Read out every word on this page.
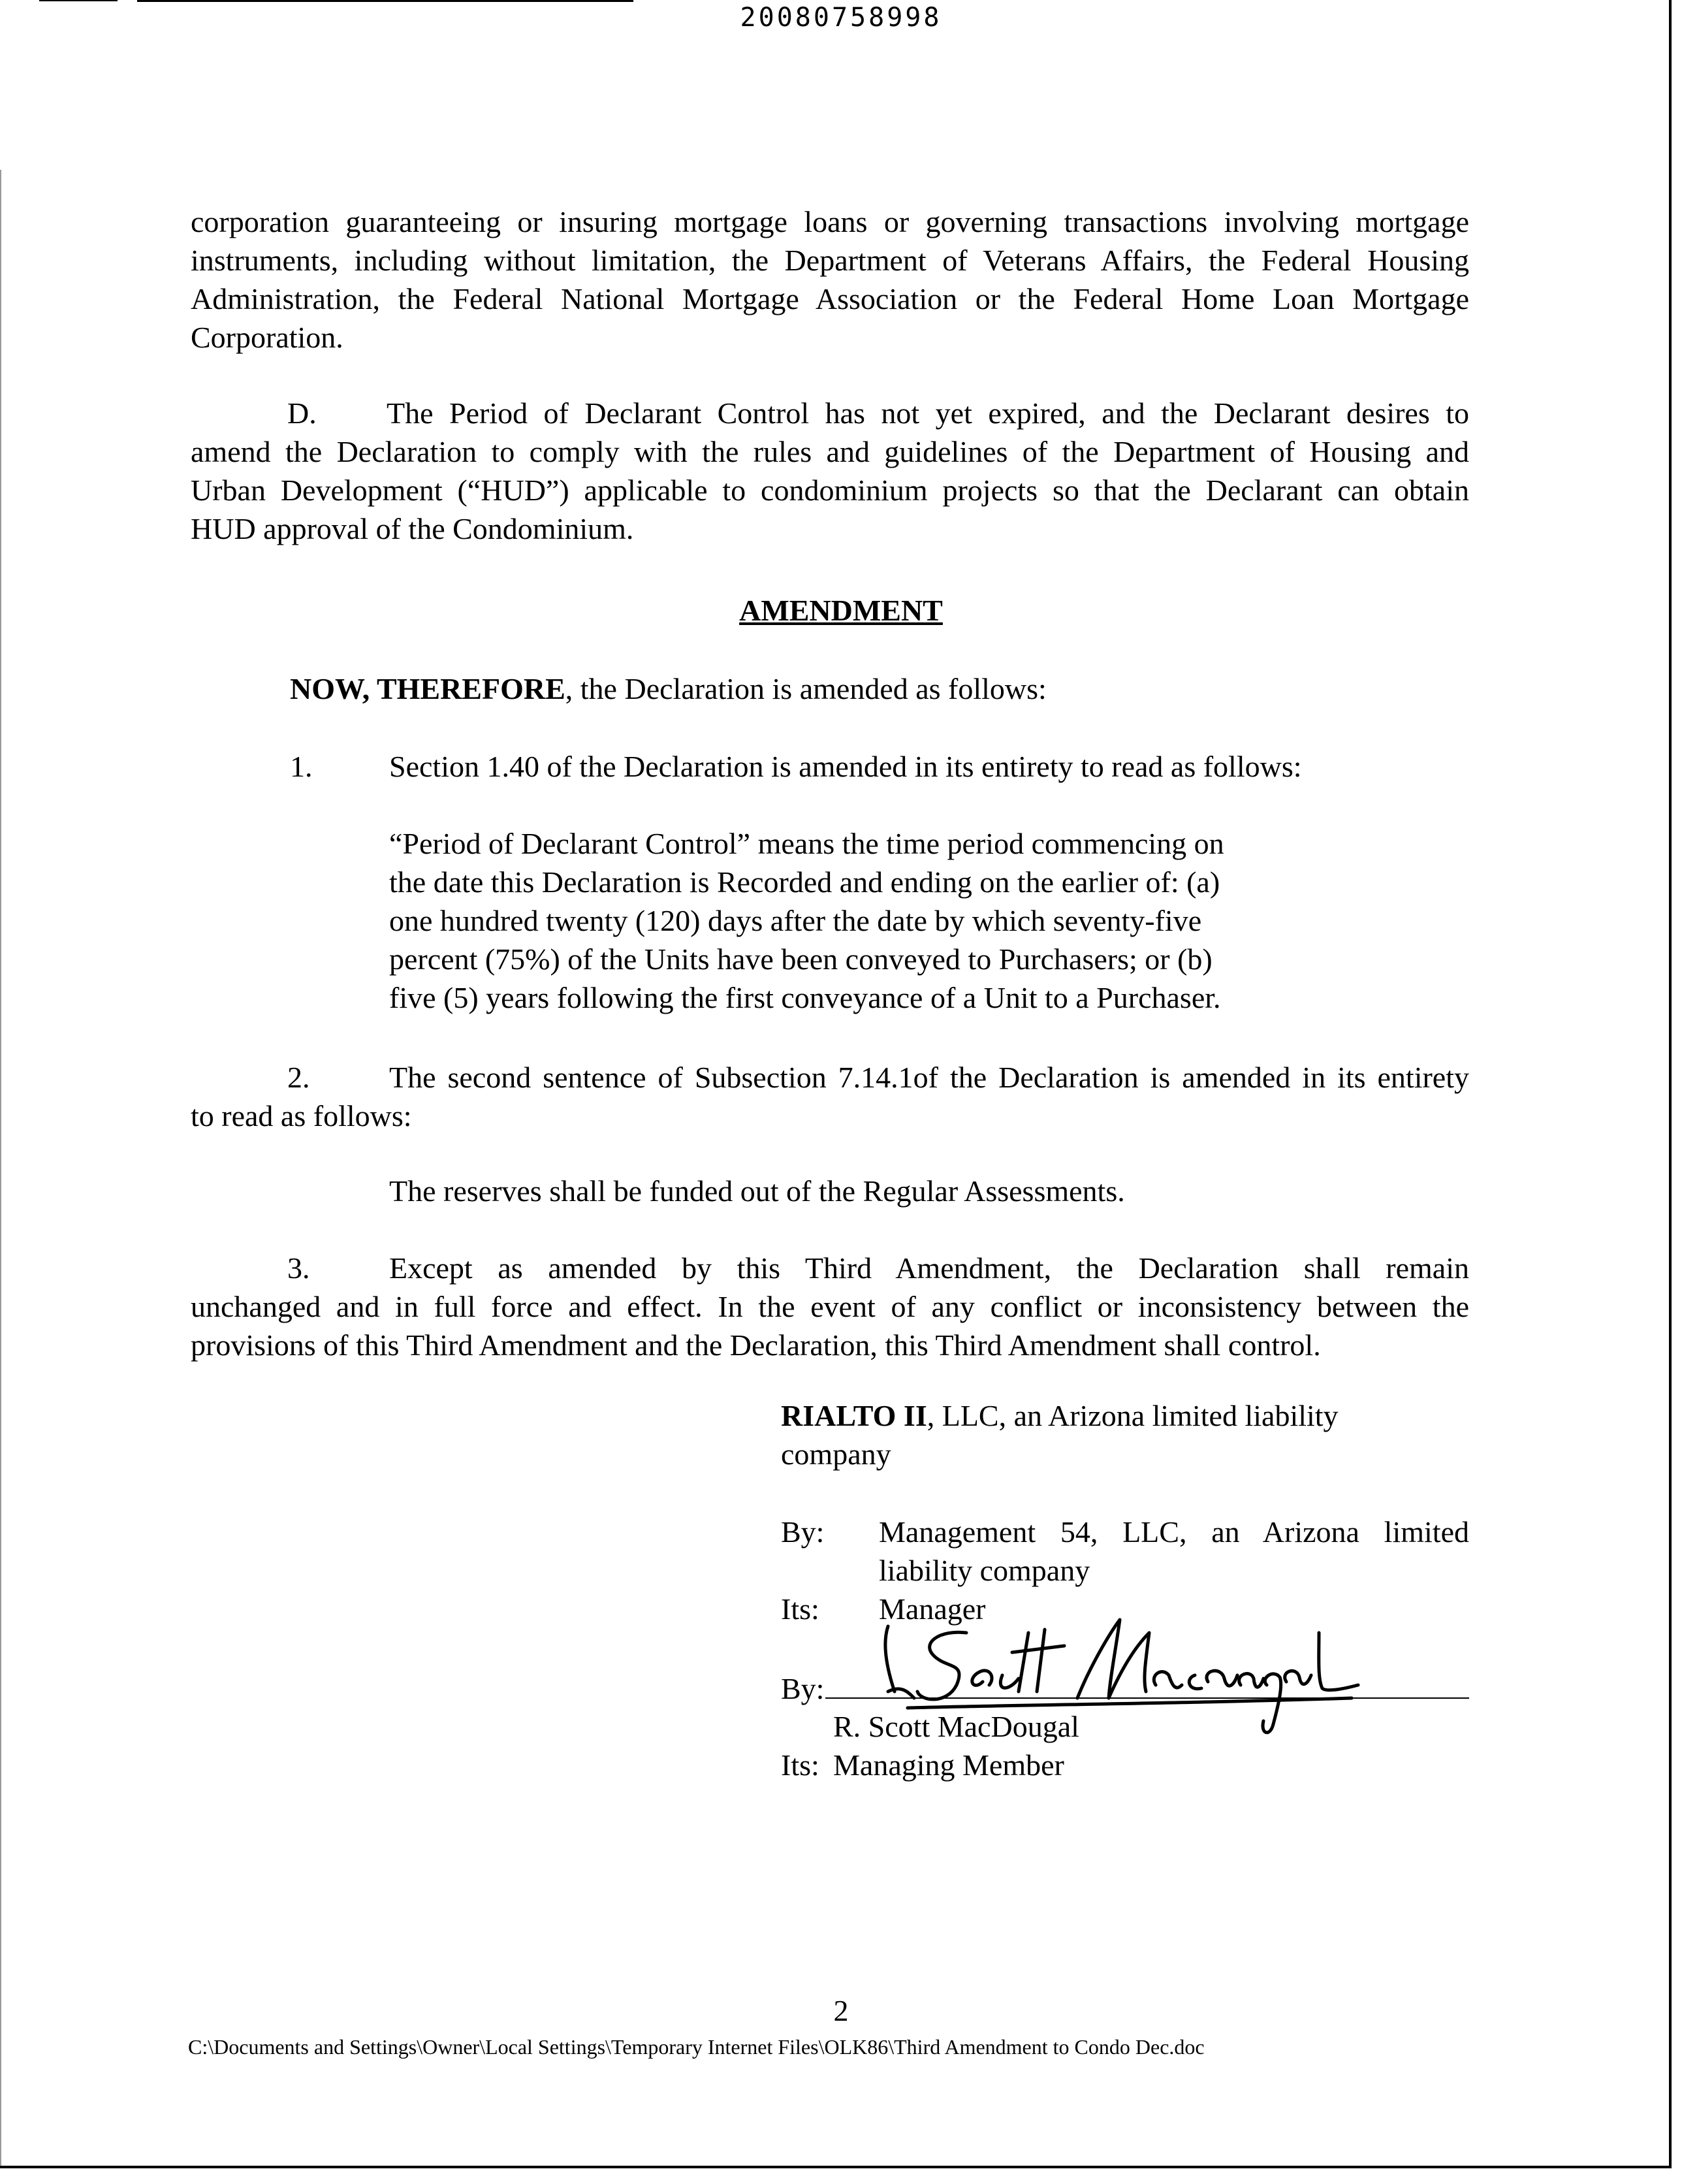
20080758998
corporation guaranteeing or insuring mortgage loans or governing transactions involving mortgage
instruments, including without limitation, the Department of Veterans Affairs, the Federal Housing
Administration, the Federal National Mortgage Association or the Federal Home Loan Mortgage
Corporation.
D. The Period of Declarant Control has not yet expired, and the Declarant desires to
amend the Declaration to comply with the rules and guidelines of the Department of Housing and
Urban Development (“HUD”) applicable to condominium projects so that the Declarant can obtain
HUD approval of the Condominium.
AMENDMENT
NOW, THEREFORE, the Declaration is amended as follows:
1.	Section 1.40 of the Declaration is amended in its entirety to read as follows:
“Period of Declarant Control” means the time period commencing on
the date this Declaration is Recorded and ending on the earlier of: (a)
one hundred twenty (120) days after the date by which seventy-five
percent (75%) of the Units have been conveyed to Purchasers; or (b)
five (5) years following the first conveyance of a Unit to a Purchaser.
2.	The second sentence of Subsection 7.14.1of the Declaration is amended in its entirety
to read as follows:
The reserves shall be funded out of the Regular Assessments.
3.	Except as amended by this Third Amendment, the Declaration shall remain
unchanged and in full force and effect. In the event of any conflict or inconsistency between the
provisions of this Third Amendment and the Declaration, this Third Amendment shall control.
RIALTO II, LLC, an Arizona limited liability
company
By: Management 54, LLC, an Arizona limited
liability company
Its: Manager
By:
R. Scott MacDougal
Its: Managing Member
2
C:\Documents and Settings\Owner\Local Settings\Temporary Internet Files\OLK86\Third Amendment to Condo Dec.doc
